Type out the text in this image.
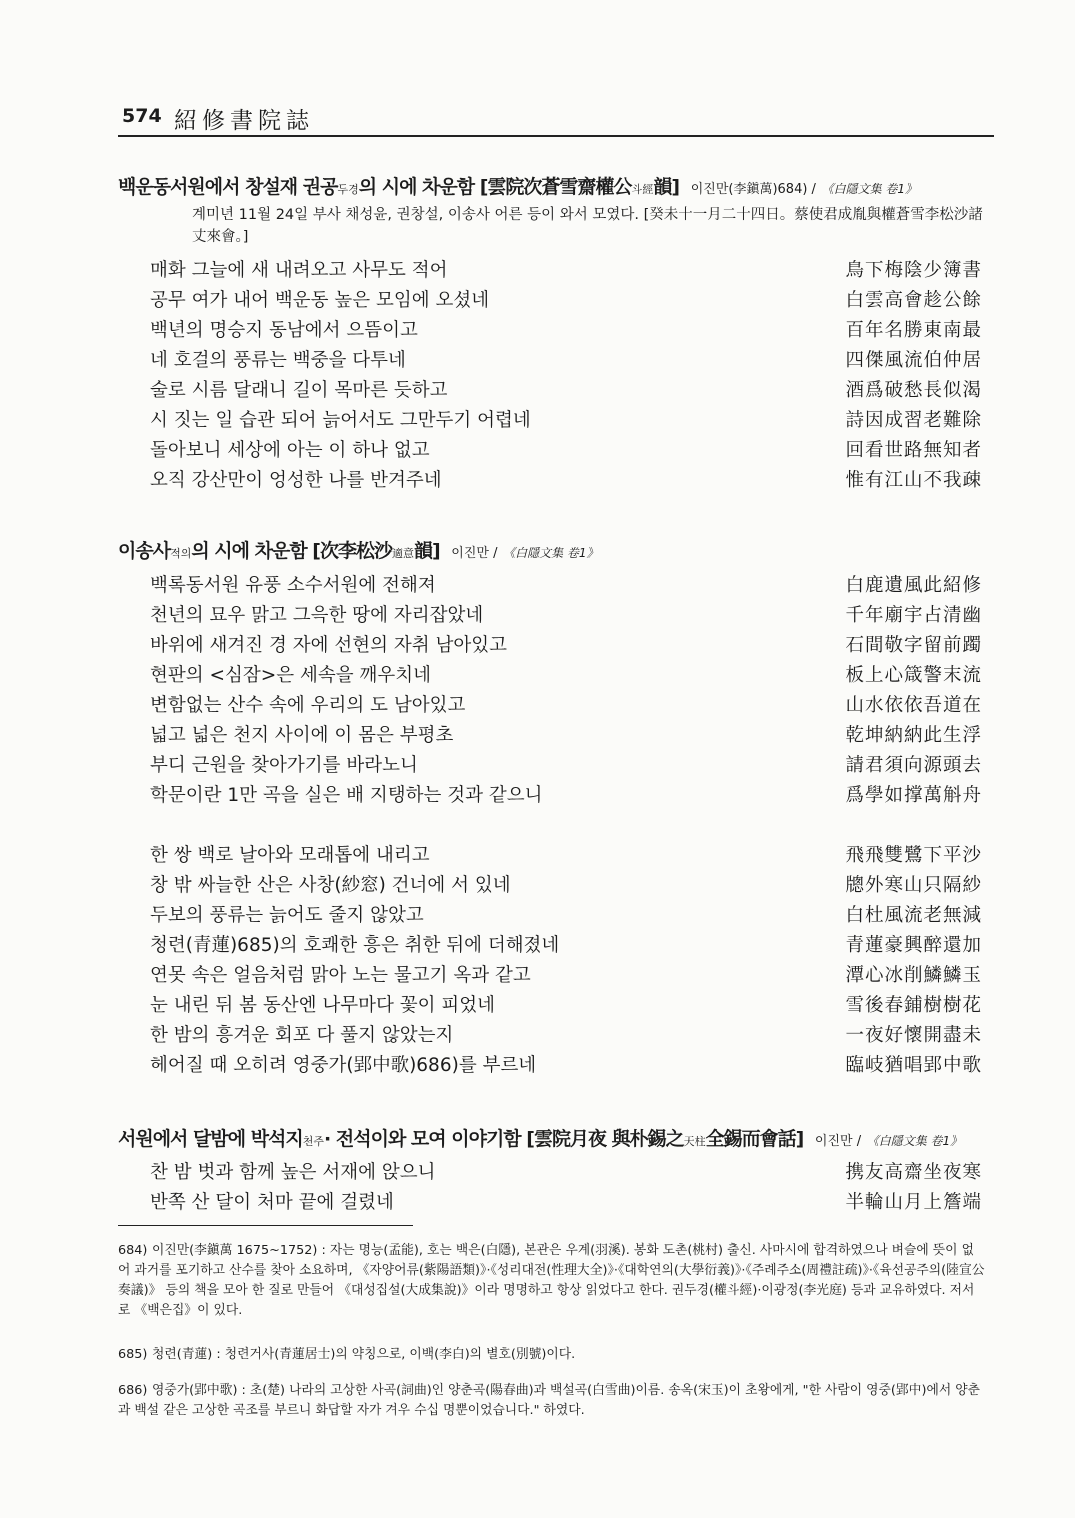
574 紹修書院誌
백운동서원에서 창설재 권공두경의 시에 차운함 [雲院次蒼雪齋權公斗經韻] 이진만(李鎭萬)684) / 《白隱文集 卷1》
계미년 11월 24일 부사 채성윤, 권창설, 이송사 어른 등이 와서 모였다. [癸未十一月二十四日。蔡使君成胤與權蒼雪李松沙諸丈來會。]
매화 그늘에 새 내려오고 사무도 적어	鳥下梅陰少簿書
공무 여가 내어 백운동 높은 모임에 오셨네	白雲高會趁公餘
백년의 명승지 동남에서 으뜸이고	百年名勝東南最
네 호걸의 풍류는 백중을 다투네	四傑風流伯仲居
술로 시름 달래니 길이 목마른 듯하고	酒爲破愁長似渴
시 짓는 일 습관 되어 늙어서도 그만두기 어렵네	詩因成習老難除
돌아보니 세상에 아는 이 하나 없고	回看世路無知者
오직 강산만이 엉성한 나를 반겨주네	惟有江山不我疎
이송사적의의 시에 차운함 [次李松沙適意韻] 이진만 / 《白隱文集 卷1》
백록동서원 유풍 소수서원에 전해져	白鹿遺風此紹修
천년의 묘우 맑고 그윽한 땅에 자리잡았네	千年廟宇占清幽
바위에 새겨진 경 자에 선현의 자취 남아있고	石間敬字留前躅
현판의 <심잠>은 세속을 깨우치네	板上心箴警末流
변함없는 산수 속에 우리의 도 남아있고	山水依依吾道在
넓고 넓은 천지 사이에 이 몸은 부평초	乾坤納納此生浮
부디 근원을 찾아가기를 바라노니	請君須向源頭去
학문이란 1만 곡을 실은 배 지탱하는 것과 같으니	爲學如撑萬斛舟
한 쌍 백로 날아와 모래톱에 내리고	飛飛雙鷺下平沙
창 밖 싸늘한 산은 사창(紗窓) 건너에 서 있네	牕外寒山只隔紗
두보의 풍류는 늙어도 줄지 않았고	白杜風流老無減
청련(青蓮)685)의 호쾌한 흥은 취한 뒤에 더해졌네	青蓮豪興醉還加
연못 속은 얼음처럼 맑아 노는 물고기 옥과 같고	潭心冰削鱗鱗玉
눈 내린 뒤 봄 동산엔 나무마다 꽃이 피었네	雪後春鋪樹樹花
한 밤의 흥겨운 회포 다 풀지 않았는지	一夜好懷開盡未
헤어질 때 오히려 영중가(郢中歌)686)를 부르네	臨岐猶唱郢中歌
서원에서 달밤에 박석지천주· 전석이와 모여 이야기함 [雲院月夜 與朴錫之天柱全錫而會話] 이진만 / 《白隱文集 卷1》
찬 밤 벗과 함께 높은 서재에 앉으니	携友高齋坐夜寒
반쪽 산 달이 처마 끝에 걸렸네	半輪山月上簷端
684) 이진만(李鎭萬 1675~1752) : 자는 명능(孟能), 호는 백은(白隱), 본관은 우계(羽溪). 봉화 도촌(桃村) 출신. 사마시에 합격하였으나 벼슬에 뜻이 없어 과거를 포기하고 산수를 찾아 소요하며, 《자양어류(紫陽語類)》·《성리대전(性理大全)》·《대학연의(大學衍義)》·《주례주소(周禮註疏)》·《육선공주의(陸宣公奏議)》 등의 책을 모아 한 질로 만들어 《대성집설(大成集說)》이라 명명하고 항상 읽었다고 한다. 권두경(權斗經)·이광정(李光庭) 등과 교유하였다. 저서로 《백은집》이 있다.
685) 청련(青蓮) : 청련거사(青蓮居士)의 약칭으로, 이백(李白)의 별호(別號)이다.
686) 영중가(郢中歌) : 초(楚) 나라의 고상한 사곡(詞曲)인 양춘곡(陽春曲)과 백설곡(白雪曲)이름. 송옥(宋玉)이 초왕에게, "한 사람이 영중(郢中)에서 양춘과 백설 같은 고상한 곡조를 부르니 화답할 자가 겨우 수십 명뿐이었습니다." 하였다.
